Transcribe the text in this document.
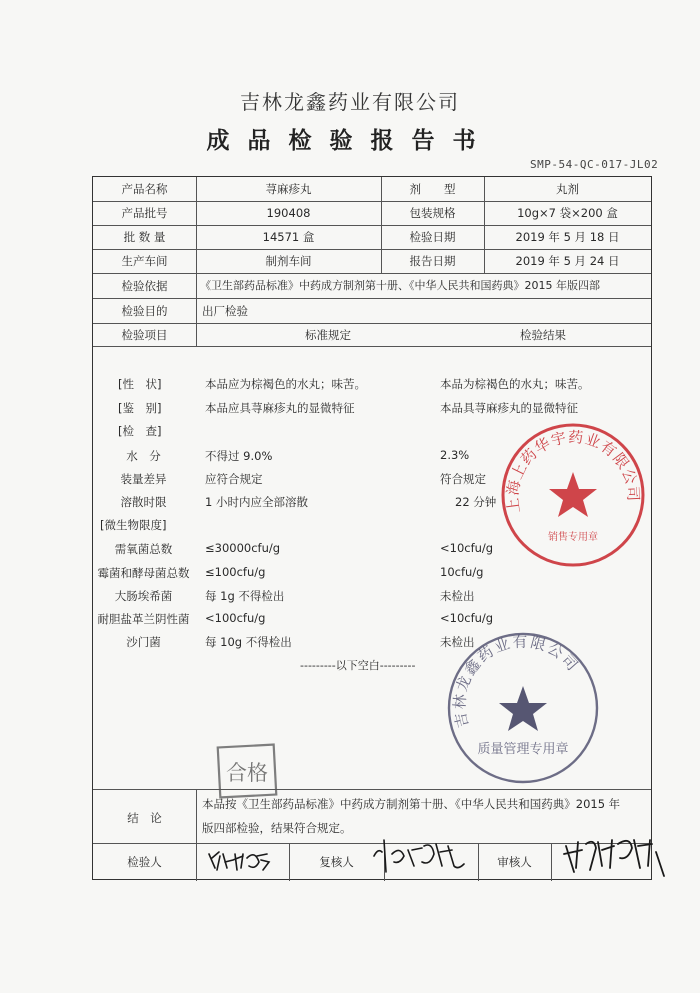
吉林龙鑫药业有限公司
成品检验报告书
SMP-54-QC-017-JL02
产品名称	荨麻疹丸	剂　　型	丸剂
产品批号	190408	包装规格	10g×7 袋×200 盒
批 数 量	14571 盒	检验日期	2019 年 5 月 18 日
生产车间	制剂车间	报告日期	2019 年 5 月 24 日
检验依据	《卫生部药品标准》中药成方制剂第十册、《中华人民共和国药典》2015 年版四部
检验目的	出厂检验
检验项目	标准规定	检验结果
结　论
本品按《卫生部药品标准》中药成方制剂第十册、《中华人民共和国药典》2015 年
版四部检验，结果符合规定。
检验人	复核人	审核人
[性　状]	本品应为棕褐色的水丸；味苦。	本品为棕褐色的水丸；味苦。
[鉴　别]	本品应具荨麻疹丸的显微特征	本品具荨麻疹丸的显微特征
[检　查]
水　分	不得过 9.0%	2.3%
装量差异	应符合规定	符合规定
溶散时限	1 小时内应全部溶散	22 分钟
[微生物限度]
需氧菌总数	≤30000cfu/g	<10cfu/g
霉菌和酵母菌总数	≤100cfu/g	10cfu/g
大肠埃希菌	每 1g 不得检出	未检出
耐胆盐革兰阴性菌	<100cfu/g	<10cfu/g
沙门菌	每 10g 不得检出	未检出
---------以下空白---------
上海上药华宇药业有限公司
销售专用章
吉林龙鑫药业有限公司
质量管理专用章
合格
